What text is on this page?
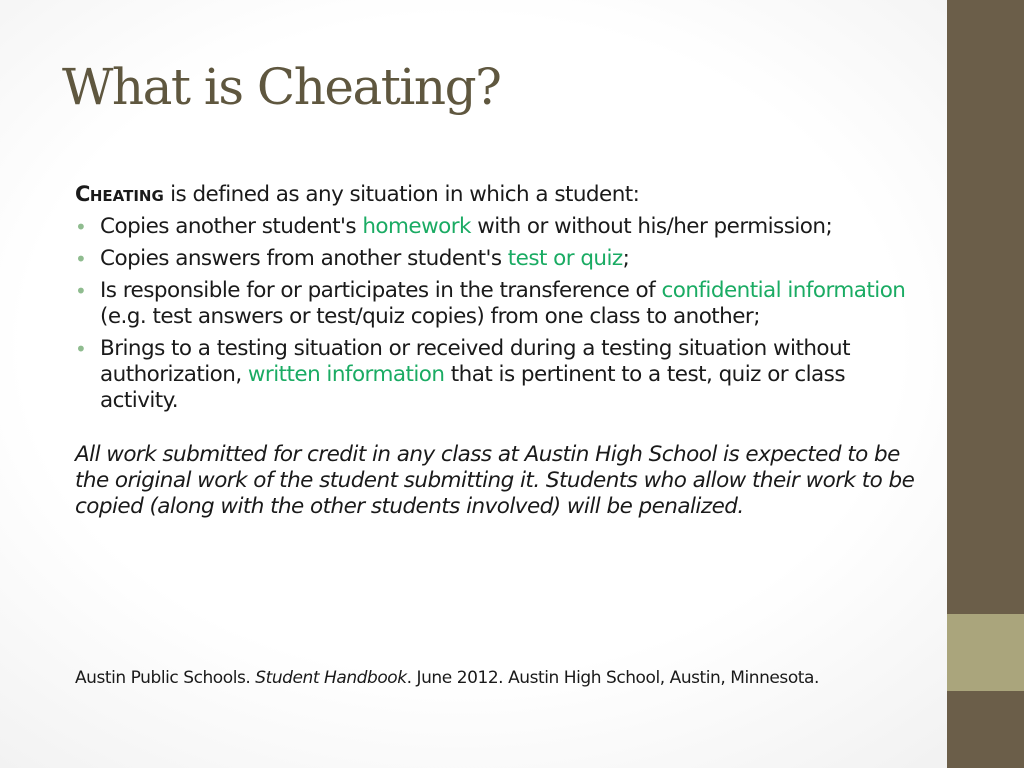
What is Cheating?

CHEATING is defined as any situation in which a student:

• Copies another student's homework with or without his/her permission;
• Copies answers from another student's test or quiz;
• Is responsible for or participates in the transference of confidential information (e.g. test answers or test/quiz copies) from one class to another;
• Brings to a testing situation or received during a testing situation without authorization, written information that is pertinent to a test, quiz or class activity.

All work submitted for credit in any class at Austin High School is expected to be the original work of the student submitting it. Students who allow their work to be copied (along with the other students involved) will be penalized.

Austin Public Schools. Student Handbook. June 2012. Austin High School, Austin, Minnesota.
